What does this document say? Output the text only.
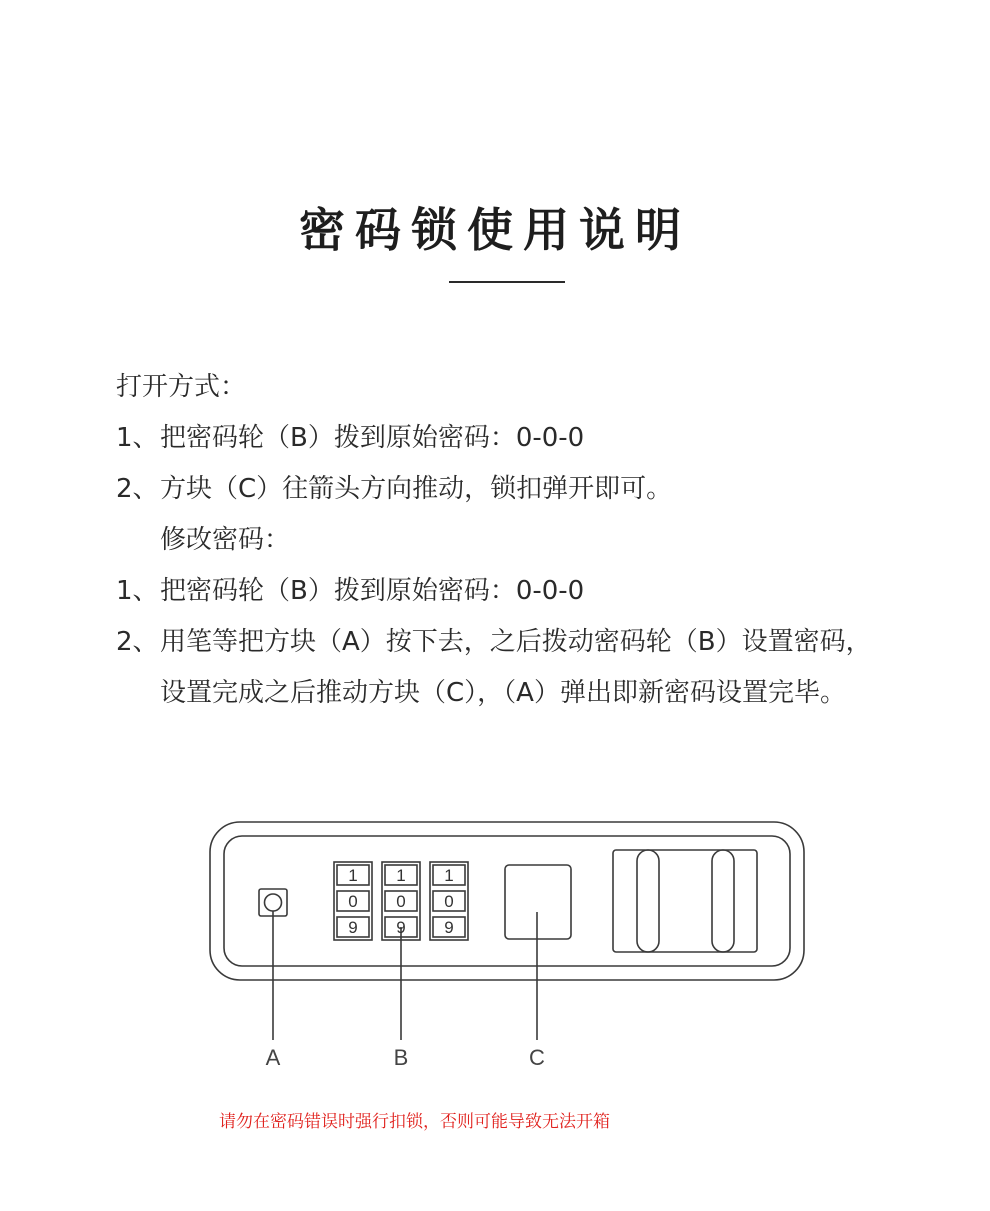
密码锁使用说明
打开方式：
1、 把密码轮（B）拨到原始密码：0-0-0
2、 方块（C）往箭头方向推动，锁扣弹开即可。
修改密码：
1、 把密码轮（B）拨到原始密码：0-0-0
2、 用笔等把方块（A）按下去，之后拨动密码轮（B）设置密码，设置完成之后推动方块（C），（A）弹出即新密码设置完毕。
1
0
9
1
0
9
1
0
9
A	B	C
请勿在密码错误时强行扣锁，否则可能导致无法开箱
